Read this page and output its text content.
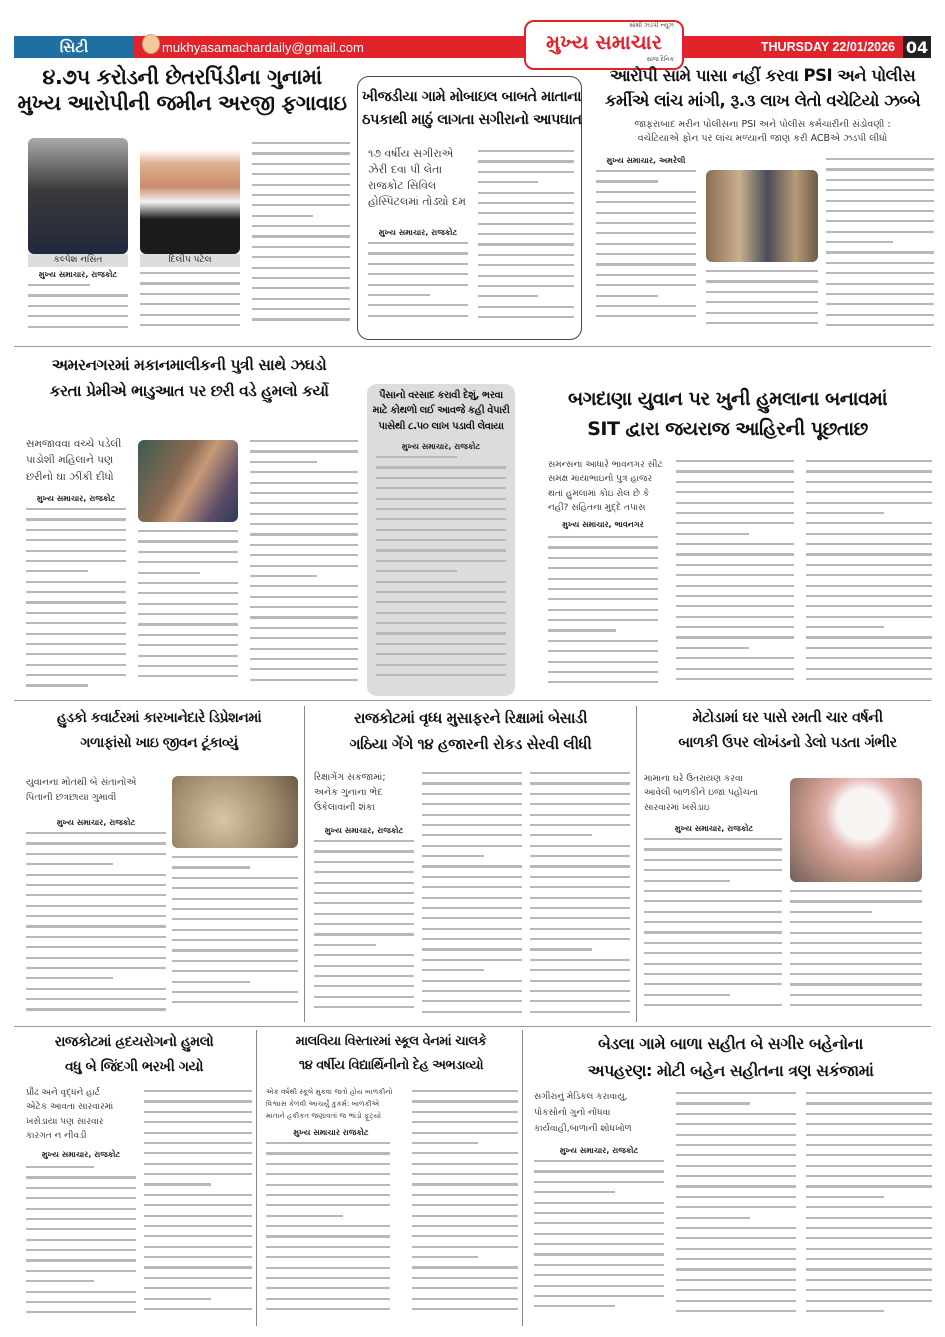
સિટી	mukhyasamachardaily@gmail.com
સૌથી ઝડપી ન્યૂઝ
મુખ્ય સમાચાર
સાંજ દૈનિક
THURSDAY 22/01/2026 04
૪.૭૫ કરોડની છેતરપિંડીના ગુનામાં
મુખ્ય આરોપીની જમીન અરજી ફગાવાઇ
કલ્પેશ નસિત	દિલીપ પટેલ
મુખ્ય સમાચાર, રાજકોટ
ખીજડીયા ગામે મોબાઇલ બાબતે માતાના
ઠપકાથી માઠું લાગતા સગીરાનો આપઘાત
૧૭ વર્ષીય સગીરાએ
ઝેરી દવા પી લેતા
રાજકોટ સિવિલ
હોસ્પિટલમાં તોડ્યો દમ
મુખ્ય સમાચાર, રાજકોટ
આરોપી સામે પાસા નહીં કરવા PSI અને પોલીસ
કર્મીએ લાંચ માંગી, રૂ.૩ લાખ લેતો વચેટિયો ઝબ્બે
જાફરાબાદ મરીન પોલીસના PSI અને પોલીસ કર્મચારીની સંડોવણી :
વચેટિયાએ ફોન પર લાંચ મળ્યાની જાણ કરી ACBએ ઝડપી લીધો
મુખ્ય સમાચાર, અમરેલી
અમરનગરમાં મકાનમાલીકની પુત્રી સાથે ઝઘડો
કરતા પ્રેમીએ ભાડુઆત પર છરી વડે હુમલો કર્યો
સમજાવવા વચ્ચે પડેલી
પાડોશી મહિલાને પણ
છરીનો ઘા ઝીંકી દીધો
મુખ્ય સમાચાર, રાજકોટ
પૈસાનો વરસાદ કરાવી દેશું, ભરવા
માટે કોથળો લઈ આવજે કહી વેપારી
પાસેથી ૮.૫૦ લાખ પડાવી લેવાયા
મુખ્ય સમાચાર, રાજકોટ
બગદાણા યુવાન પર ખુની હુમલાના બનાવમાં
SIT દ્વારા જયરાજ આહિરની પૂછતાછ
સમન્સના આધારે ભાવનગર સીટ
સમક્ષ માયાભાઇનો પુત્ર હાજર
થતાં હુમલામાં કોઇ રોલ છે કે
નહીં? સહિતના મુદ્દે તપાસ
મુખ્ય સમાચાર, ભાવનગર
હુડકો કવાર્ટરમાં કારખાનેદારે ડિપ્રેશનમાં
ગળાફાંસો ખાઇ જીવન ટૂંકાવ્યું
યુવાનના મોતથી બે સંતાનોએ
પિતાની છત્રછાયા ગુમાવી
મુખ્ય સમાચાર, રાજકોટ
રાજકોટમાં વૃધ્ધ મુસાફરને રિક્ષામાં બેસાડી
ગઠિયા ગેંગે ૧૪ હજારની રોકડ સેરવી લીધી
રિક્ષાગેંગ સકંજામાં;
અનેક ગુનાના ભેદ
ઉકેલાવાની શંકા
મુખ્ય સમાચાર, રાજકોટ
મેટોડામાં ઘર પાસે રમતી ચાર વર્ષની
બાળકી ઉપર લોખંડનો ડેલો પડતા ગંભીર
મામાના ઘરે ઉતરાયણ કરવા
આવેલી બાળકીને ઇજા પહોંચતા
સારવારમાં ખસેડાઇ
મુખ્ય સમાચાર, રાજકોટ
રાજકોટમાં હ્રદયરોગનો હુમલો
વધુ બે જિંદગી ભરખી ગયો
પ્રૌઢ અને વૃદ્ધને હાર્ટ
એટેક આવતા સારવારમાં
ખસેડાયા પણ સારવાર
કારગત ન નીવડી
મુખ્ય સમાચાર, રાજકોટ
માલવિયા વિસ્તારમાં સ્કૂલ વેનમાં ચાલકે
૧૪ વર્ષીય વિદ્યાર્થિનીનો દેહ અભડાવ્યો
એક વર્ષથી સ્કૂલે મુકવા જતો હોય બાળકીનો
વિશ્વાસ કેળવી આચર્યું કુકર્મ: બાળકીએ
માતાને હકીકત જણાવતાં જ ભાંડો ફૂટ્યો
મુખ્ય સમાચાર રાજકોટ
બેડલા ગામે બાળા સહીત બે સગીર બહેનોના
અપહરણ: મોટી બહેન સહીતના ત્રણ સકંજામાં
સગીરાનું મેડિકલ કરાવાયુ,
પોકસોનો ગુનો નોંધવા
કાર્યવાહી,બાળાની શોધખોળ
મુખ્ય સમાચાર, રાજકોટ
